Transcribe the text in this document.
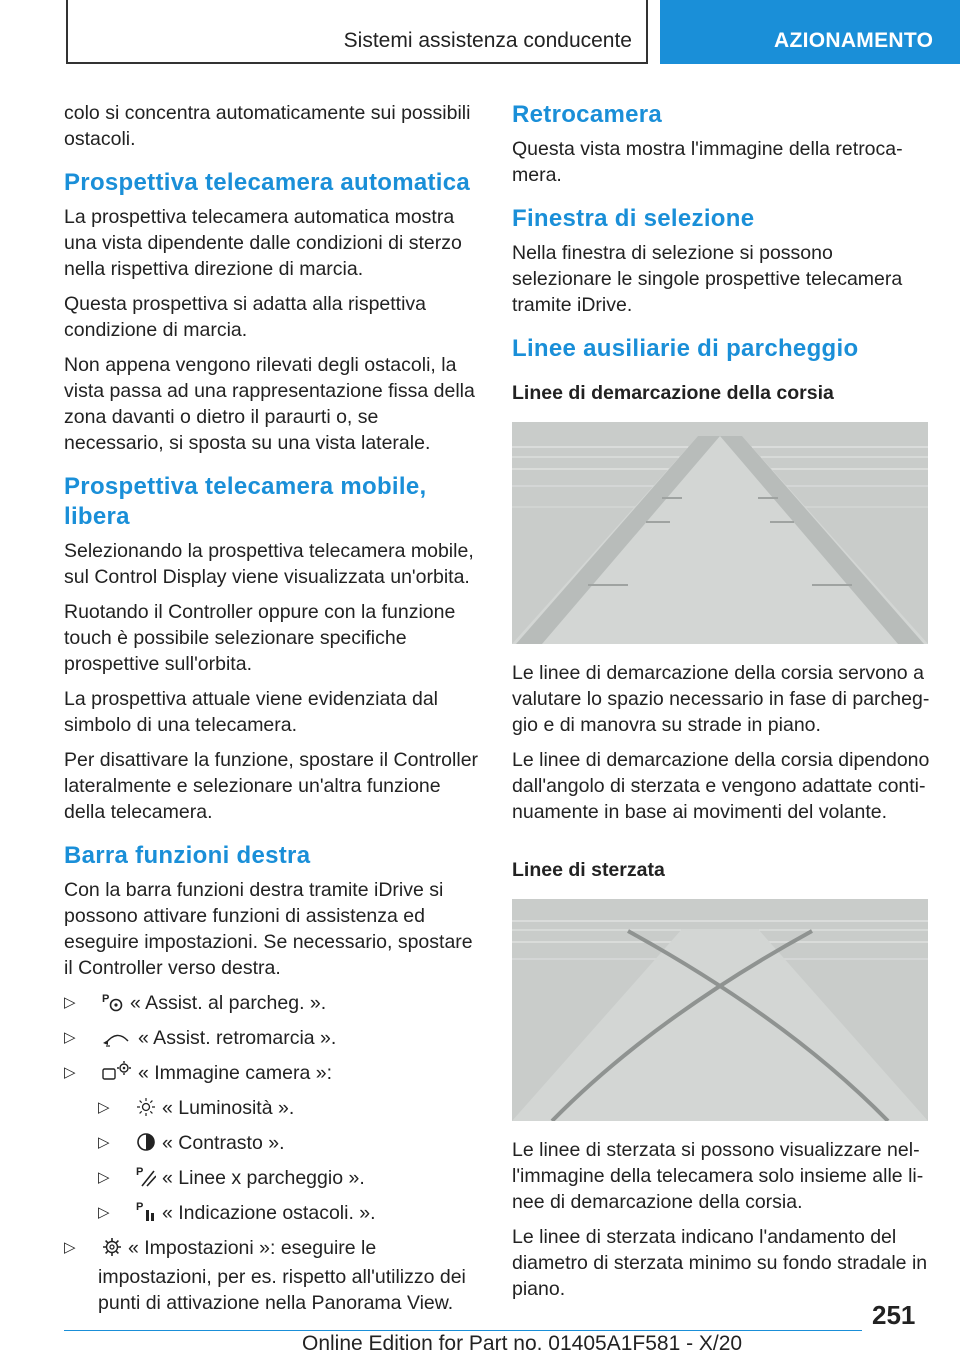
Sistemi assistenza conducente	AZIONAMENTO

colo si concentra automaticamente sui possibili ostacoli.

Prospettiva telecamera automatica

La prospettiva telecamera automatica mostra una vista dipendente dalle condizioni di sterzo nella rispettiva direzione di marcia.

Questa prospettiva si adatta alla rispettiva condizione di marcia.

Non appena vengono rilevati degli ostacoli, la vista passa ad una rappresentazione fissa della zona davanti o dietro il paraurti o, se necessario, si sposta su una vista laterale.

Prospettiva telecamera mobile, libera

Selezionando la prospettiva telecamera mobile, sul Control Display viene visualizzata un'orbita.

Ruotando il Controller oppure con la funzione touch è possibile selezionare specifiche prospettive sull'orbita.

La prospettiva attuale viene evidenziata dal simbolo di una telecamera.

Per disattivare la funzione, spostare il Controller lateralmente e selezionare un'altra funzione della telecamera.

Barra funzioni destra

Con la barra funzioni destra tramite iDrive si possono attivare funzioni di assistenza ed eseguire impostazioni. Se necessario, spostare il Controller verso destra.

▷ P « Assist. al parcheg. ».
▷ « Assist. retromarcia ».
▷ « Immagine camera »:
▷ « Luminosità ».
▷ « Contrasto ».
▷ P « Linee x parcheggio ».
▷ P « Indicazione ostacoli. ».
▷ « Impostazioni »: eseguire le impostazioni, per es. rispetto all'utilizzo dei punti di attivazione nella Panorama View.
Retrocamera

Questa vista mostra l'immagine della retrocamera.

Finestra di selezione

Nella finestra di selezione si possono selezionare le singole prospettive telecamera tramite iDrive.

Linee ausiliarie di parcheggio
Linee di demarcazione della corsia

Le linee di demarcazione della corsia servono a valutare lo spazio necessario in fase di parcheggio e di manovra su strade in piano.

Le linee di demarcazione della corsia dipendono dall'angolo di sterzata e vengono adattate continuamente in base ai movimenti del volante.

Linee di sterzata

Le linee di sterzata si possono visualizzare nell'immagine della telecamera solo insieme alle linee di demarcazione della corsia.

Le linee di sterzata indicano l'andamento del diametro di sterzata minimo su fondo stradale in piano.

251
Online Edition for Part no. 01405A1F581 - X/20
